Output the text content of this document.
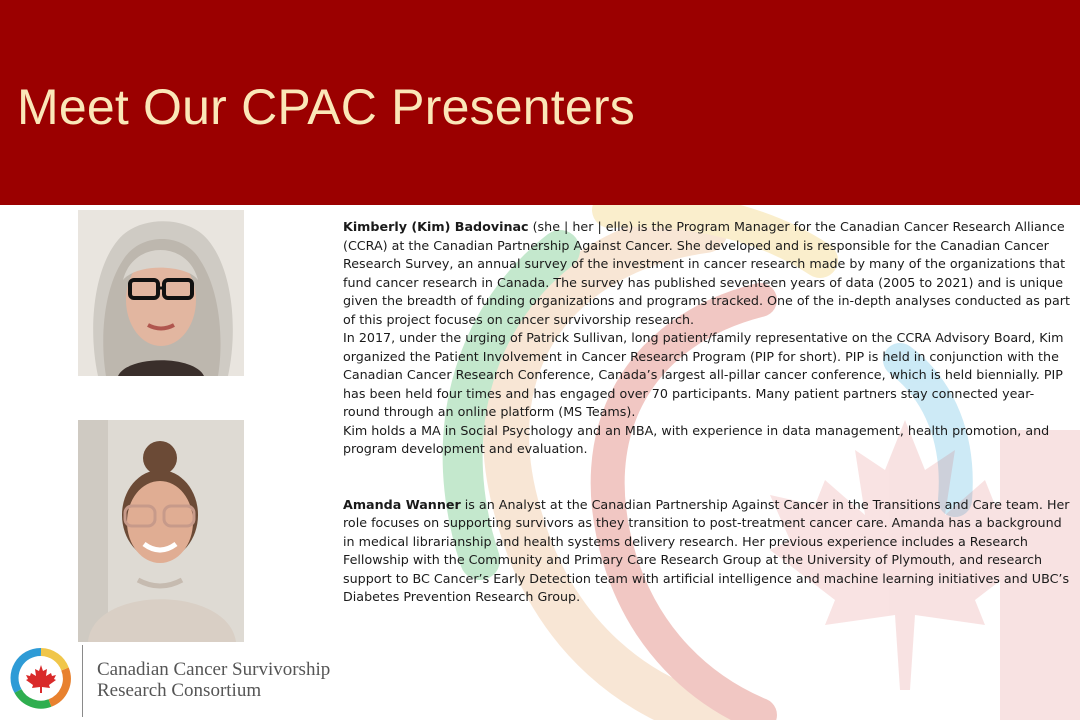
Meet Our CPAC Presenters

Kimberly (Kim) Badovinac (she | her | elle) is the Program Manager for the Canadian Cancer Research Alliance (CCRA) at the Canadian Partnership Against Cancer. She developed and is responsible for the Canadian Cancer Research Survey, an annual survey of the investment in cancer research made by many of the organizations that fund cancer research in Canada. The survey has published seventeen years of data (2005 to 2021) and is unique given the breadth of funding organizations and programs tracked. One of the in-depth analyses conducted as part of this project focuses on cancer survivorship research.

In 2017, under the urging of Patrick Sullivan, long patient/family representative on the CCRA Advisory Board, Kim organized the Patient Involvement in Cancer Research Program (PIP for short). PIP is held in conjunction with the Canadian Cancer Research Conference, Canada’s largest all-pillar cancer conference, which is held biennially. PIP has been held four times and has engaged over 70 participants. Many patient partners stay connected year-round through an online platform (MS Teams).

Kim holds a MA in Social Psychology and an MBA, with experience in data management, health promotion, and program development and evaluation.

Amanda Wanner is an Analyst at the Canadian Partnership Against Cancer in the Transitions and Care team. Her role focuses on supporting survivors as they transition to post-treatment cancer care. Amanda has a background in medical librarianship and health systems delivery research. Her previous experience includes a Research Fellowship with the Community and Primary Care Research Group at the University of Plymouth, and research support to BC Cancer’s Early Detection team with artificial intelligence and machine learning initiatives and UBC’s Diabetes Prevention Research Group.

Canadian Cancer Survivorship
Research Consortium
